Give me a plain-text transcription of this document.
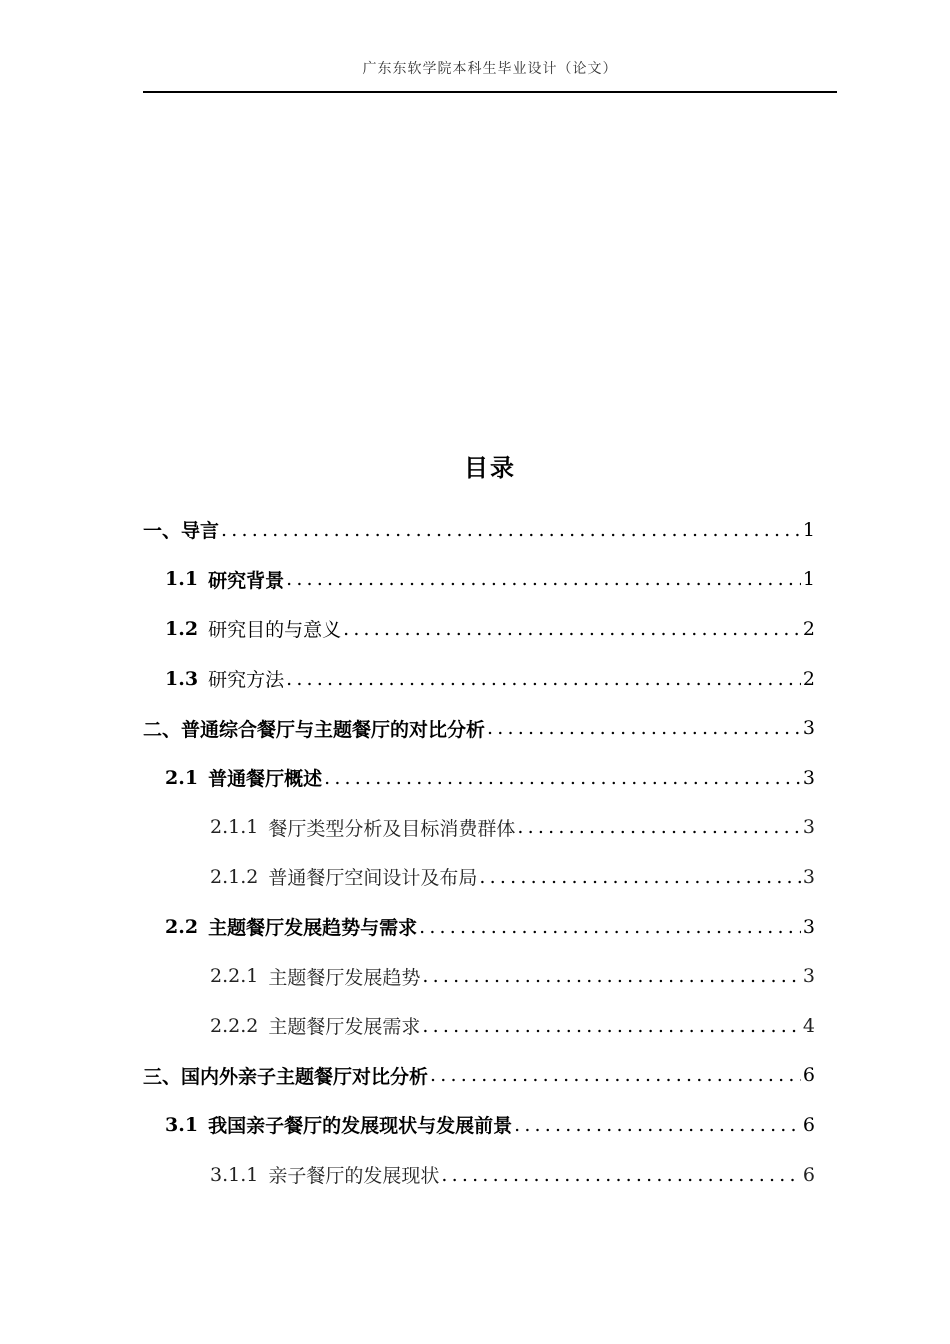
广东东软学院本科生毕业设计（论文）
目录
一、导言 .....	1
1.1 研究背景 .....	1
1.2 研究目的与意义 .....	2
1.3 研究方法 .....	2
二、普通综合餐厅与主题餐厅的对比分析 .....	3
2.1 普通餐厅概述 .....	3
2.1.1 餐厅类型分析及目标消费群体 .....	3
2.1.2 普通餐厅空间设计及布局 .....	3
2.2 主题餐厅发展趋势与需求 .....	3
2.2.1 主题餐厅发展趋势 .....	3
2.2.2 主题餐厅发展需求 .....	4
三、国内外亲子主题餐厅对比分析 .....	6
3.1 我国亲子餐厅的发展现状与发展前景 .....	6
3.1.1 亲子餐厅的发展现状 .....	6
